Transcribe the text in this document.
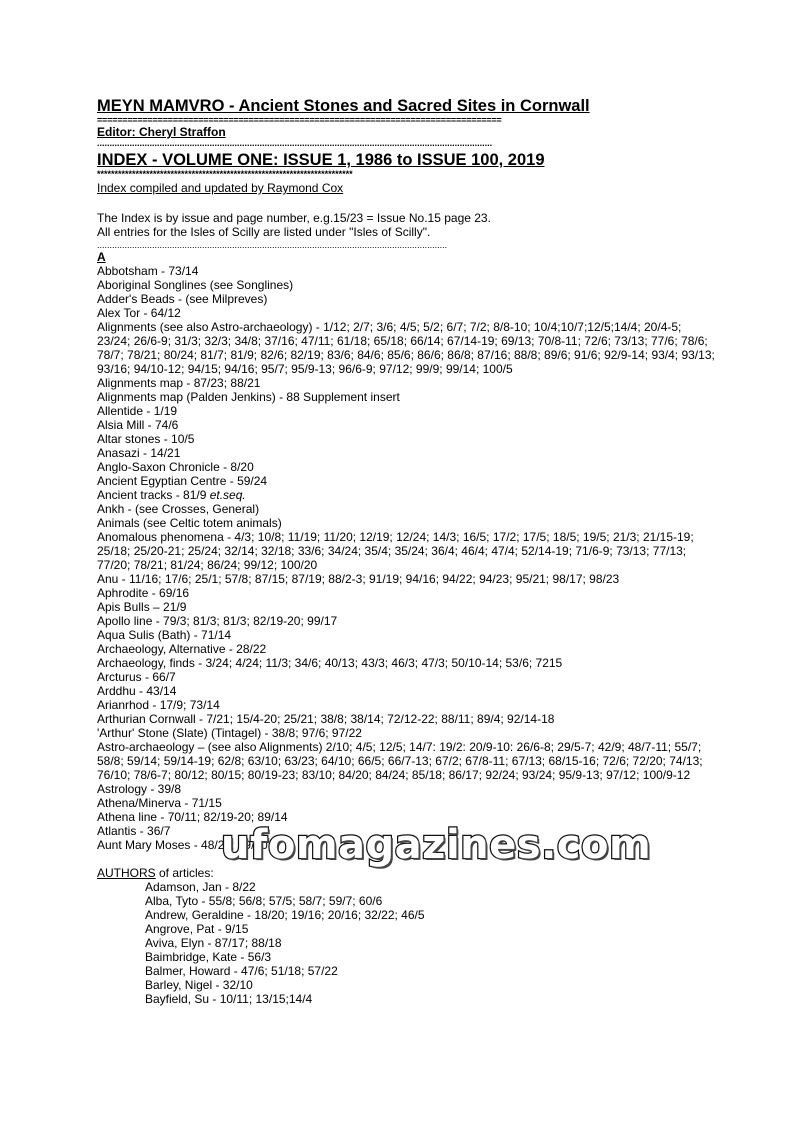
MEYN MAMVRO - Ancient Stones and Sacred Sites in Cornwall
================================================================================
Editor: Cheryl Straffon
..............................................................................................................................................................
INDEX - VOLUME ONE: ISSUE 1, 1986 to ISSUE 100, 2019
*************************************************************************
Index compiled and updated by Raymond Cox
The Index is by issue and page number, e.g.15/23 = Issue No.15 page 23.
All entries for the Isles of Scilly are listed under "Isles of Scilly".
............................................................................................................................................
A
Abbotsham - 73/14
Aboriginal Songlines (see Songlines)
Adder's Beads - (see Milpreves)
Alex Tor - 64/12
Alignments (see also Astro-archaeology) - 1/12; 2/7; 3/6; 4/5; 5/2; 6/7; 7/2; 8/8-10; 10/4;10/7;12/5;14/4; 20/4-5; 23/24; 26/6-9; 31/3; 32/3; 34/8; 37/16; 47/11; 61/18; 65/18; 66/14; 67/14-19; 69/13; 70/8-11; 72/6; 73/13; 77/6; 78/6; 78/7; 78/21; 80/24; 81/7; 81/9; 82/6; 82/19; 83/6; 84/6; 85/6; 86/6; 86/8; 87/16; 88/8; 89/6; 91/6; 92/9-14; 93/4; 93/13; 93/16; 94/10-12; 94/15; 94/16; 95/7; 95/9-13; 96/6-9; 97/12; 99/9; 99/14; 100/5
Alignments map - 87/23; 88/21
Alignments map (Palden Jenkins) - 88 Supplement insert
Allentide - 1/19
Alsia Mill - 74/6
Altar stones - 10/5
Anasazi - 14/21
Anglo-Saxon Chronicle - 8/20
Ancient Egyptian Centre - 59/24
Ancient tracks - 81/9 et.seq.
Ankh - (see Crosses, General)
Animals (see Celtic totem animals)
Anomalous phenomena - 4/3; 10/8; 11/19; 11/20; 12/19; 12/24; 14/3; 16/5; 17/2; 17/5; 18/5; 19/5; 21/3; 21/15-19; 25/18; 25/20-21; 25/24; 32/14; 32/18; 33/6; 34/24; 35/4; 35/24; 36/4; 46/4; 47/4; 52/14-19; 71/6-9; 73/13; 77/13; 77/20; 78/21; 81/24; 86/24; 99/12; 100/20
Anu - 11/16; 17/6; 25/1; 57/8; 87/15; 87/19; 88/2-3; 91/19; 94/16; 94/22; 94/23; 95/21; 98/17; 98/23
Aphrodite - 69/16
Apis Bulls – 21/9
Apollo line - 79/3; 81/3; 81/3; 82/19-20; 99/17
Aqua Sulis (Bath) - 71/14
Archaeology, Alternative - 28/22
Archaeology, finds - 3/24; 4/24; 11/3; 34/6; 40/13; 43/3; 46/3; 47/3; 50/10-14; 53/6; 7215
Arcturus - 66/7
Arddhu - 43/14
Arianrhod - 17/9; 73/14
Arthurian Cornwall - 7/21; 15/4-20; 25/21; 38/8; 38/14; 72/12-22; 88/11; 89/4; 92/14-18
'Arthur' Stone (Slate) (Tintagel) - 38/8; 97/6; 97/22
Astro-archaeology – (see also Alignments) 2/10; 4/5; 12/5; 14/7: 19/2: 20/9-10: 26/6-8; 29/5-7; 42/9; 48/7-11; 55/7; 58/8; 59/14; 59/14-19; 62/8; 63/10; 63/23; 64/10; 66/5; 66/7-13; 67/2; 67/8-11; 67/13; 68/15-16; 72/6; 72/20; 74/13; 76/10; 78/6-7; 80/12; 80/15; 80/19-23; 83/10; 84/20; 84/24; 85/18; 86/17; 92/24; 93/24; 95/9-13; 97/12; 100/9-12
Astrology - 39/8
Athena/Minerva - 71/15
Athena line - 70/11; 82/19-20; 89/14
Atlantis - 36/7
Aunt Mary Moses - 48/20; 69/20
AUTHORS of articles:
Adamson, Jan - 8/22
Alba, Tyto - 55/8; 56/8; 57/5; 58/7; 59/7; 60/6
Andrew, Geraldine - 18/20; 19/16; 20/16; 32/22; 46/5
Angrove, Pat - 9/15
Aviva, Elyn - 87/17; 88/18
Baimbridge, Kate - 56/3
Balmer, Howard - 47/6; 51/18; 57/22
Barley, Nigel - 32/10
Bayfield, Su - 10/11; 13/15;14/4
ufomagazines.com
